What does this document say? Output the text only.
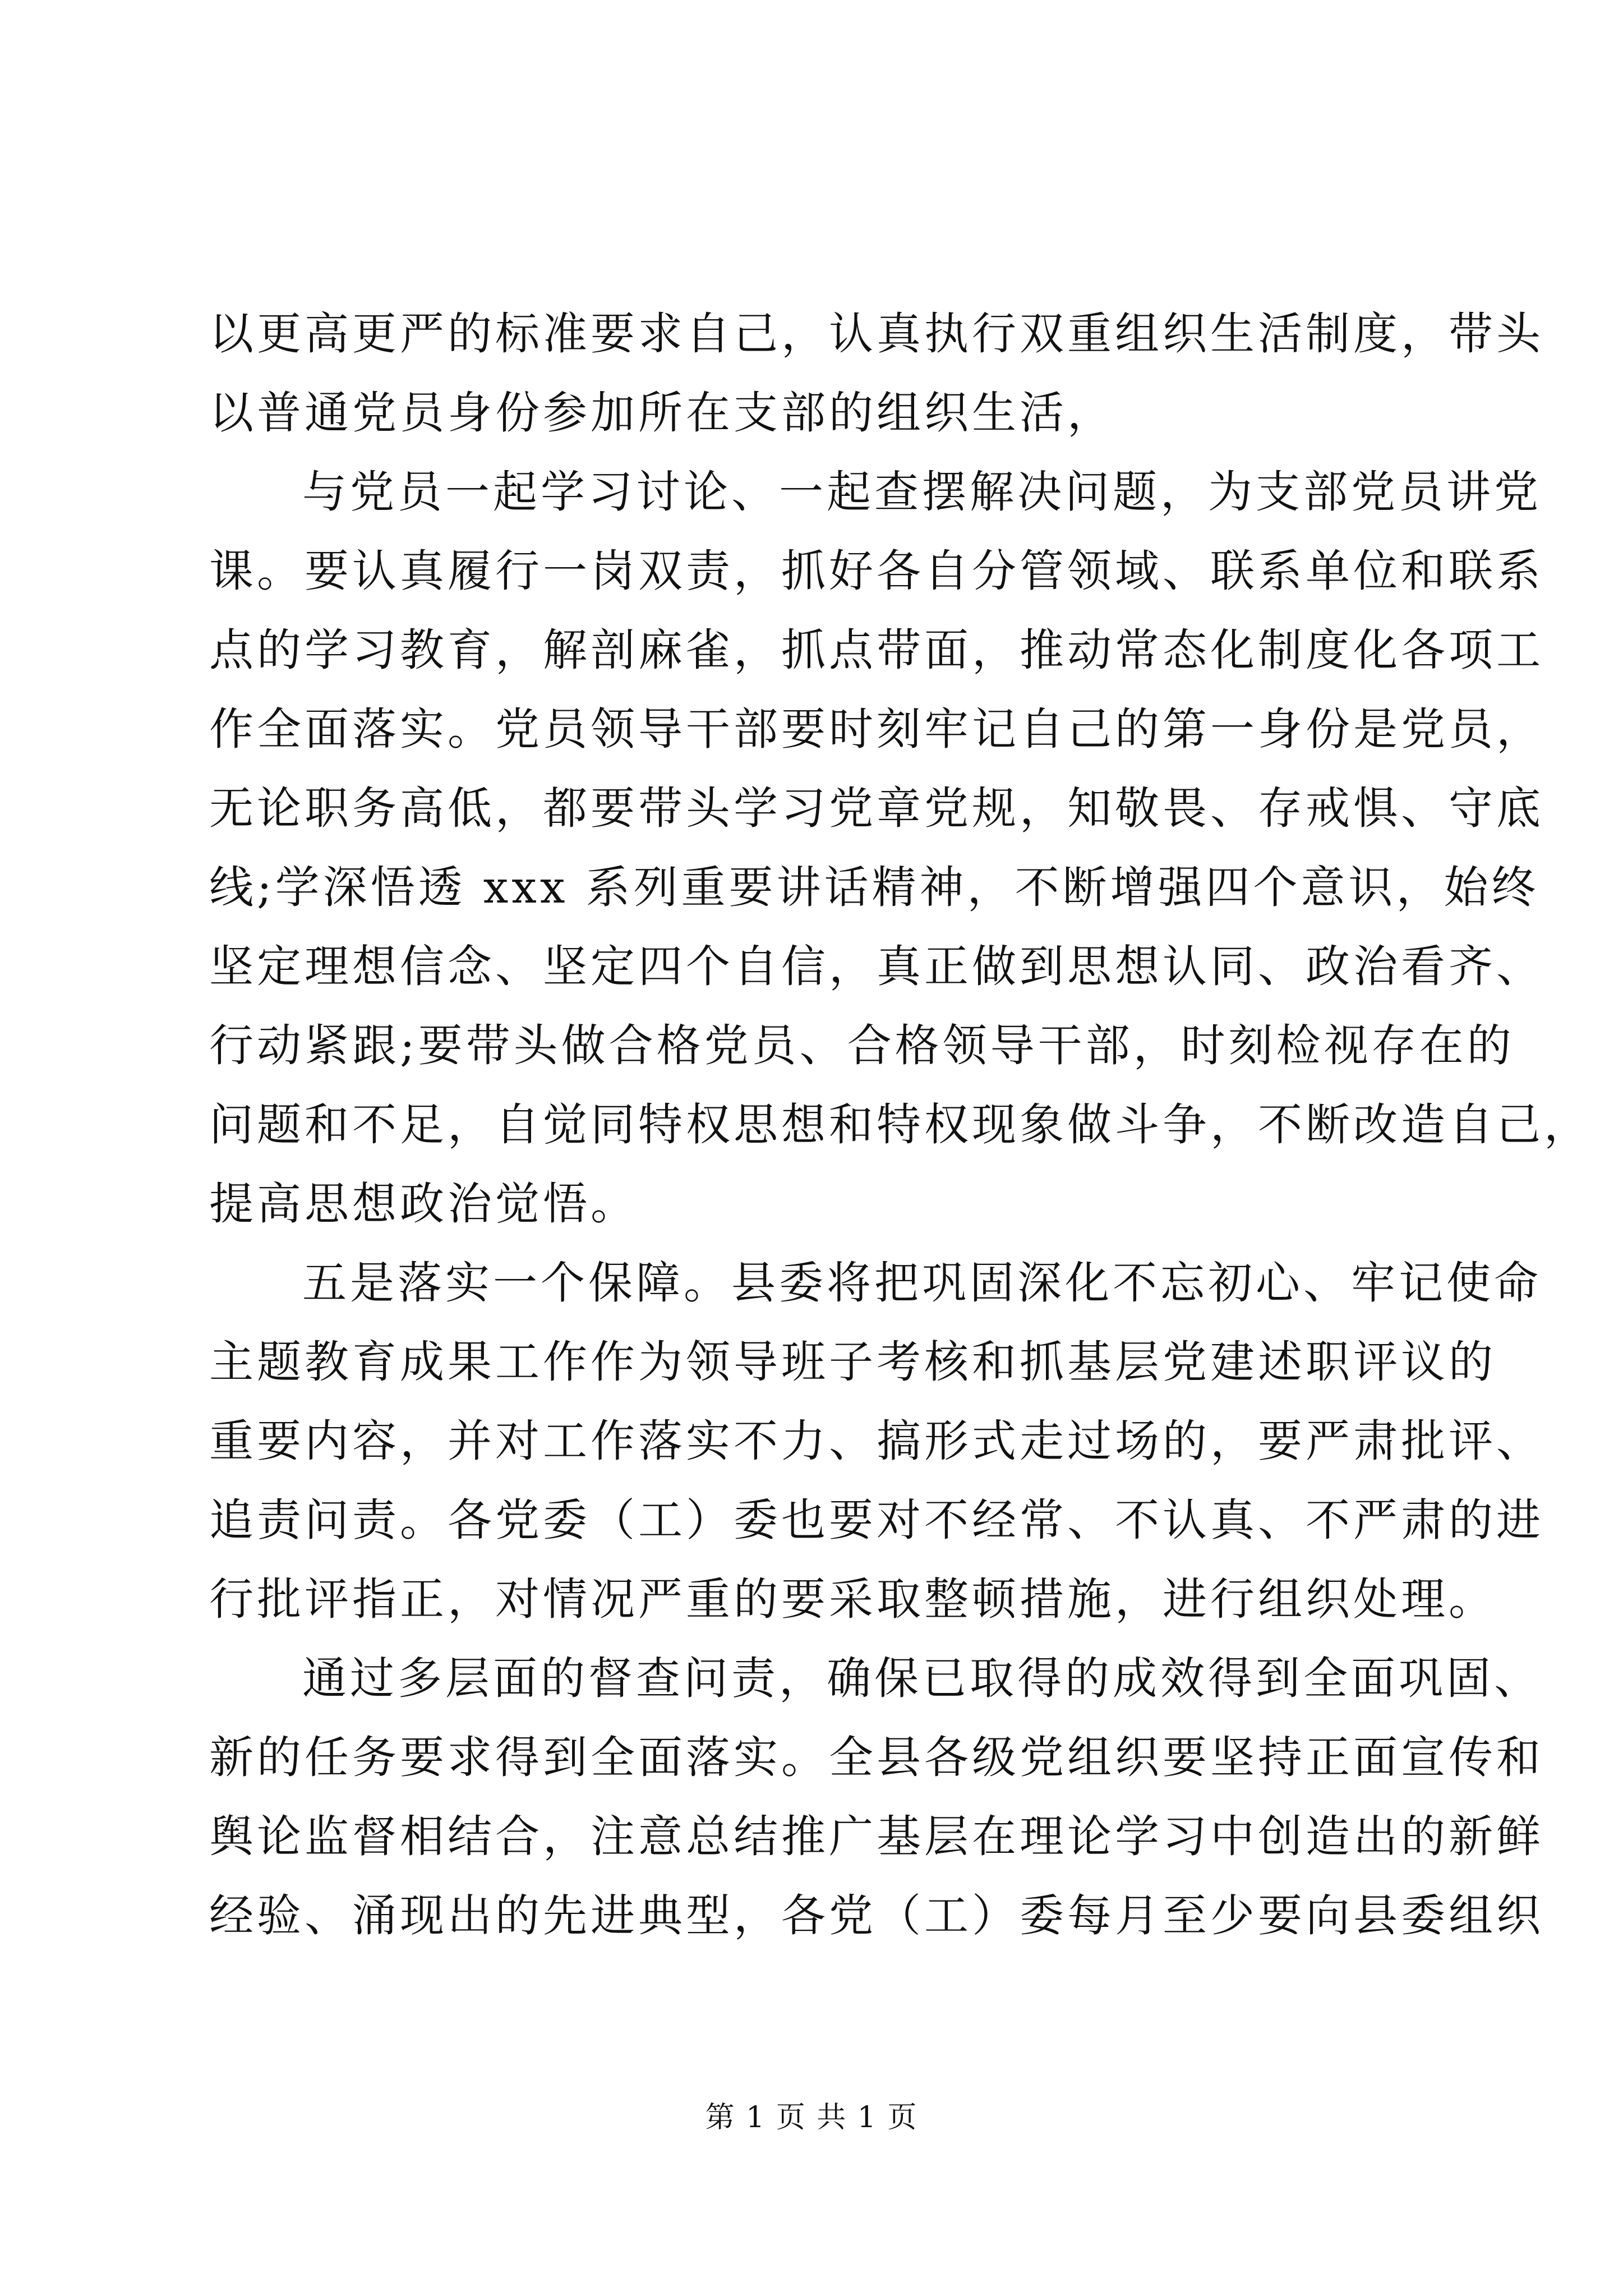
以更高更严的标准要求自己，认真执行双重组织生活制度，带头
以普通党员身份参加所在支部的组织生活，
与党员一起学习讨论、一起查摆解决问题，为支部党员讲党
课。要认真履行一岗双责，抓好各自分管领域、联系单位和联系
点的学习教育，解剖麻雀，抓点带面，推动常态化制度化各项工
作全面落实。党员领导干部要时刻牢记自己的第一身份是党员，
无论职务高低，都要带头学习党章党规，知敬畏、存戒惧、守底
线;学深悟透 xxx 系列重要讲话精神，不断增强四个意识，始终
坚定理想信念、坚定四个自信，真正做到思想认同、政治看齐、
行动紧跟;要带头做合格党员、合格领导干部，时刻检视存在的
问题和不足，自觉同特权思想和特权现象做斗争，不断改造自己，
提高思想政治觉悟。
五是落实一个保障。县委将把巩固深化不忘初心、牢记使命
主题教育成果工作作为领导班子考核和抓基层党建述职评议的
重要内容，并对工作落实不力、搞形式走过场的，要严肃批评、
追责问责。各党委（工）委也要对不经常、不认真、不严肃的进
行批评指正，对情况严重的要采取整顿措施，进行组织处理。
通过多层面的督查问责，确保已取得的成效得到全面巩固、
新的任务要求得到全面落实。全县各级党组织要坚持正面宣传和
舆论监督相结合，注意总结推广基层在理论学习中创造出的新鲜
经验、涌现出的先进典型，各党（工）委每月至少要向县委组织
第 1 页 共 1 页
